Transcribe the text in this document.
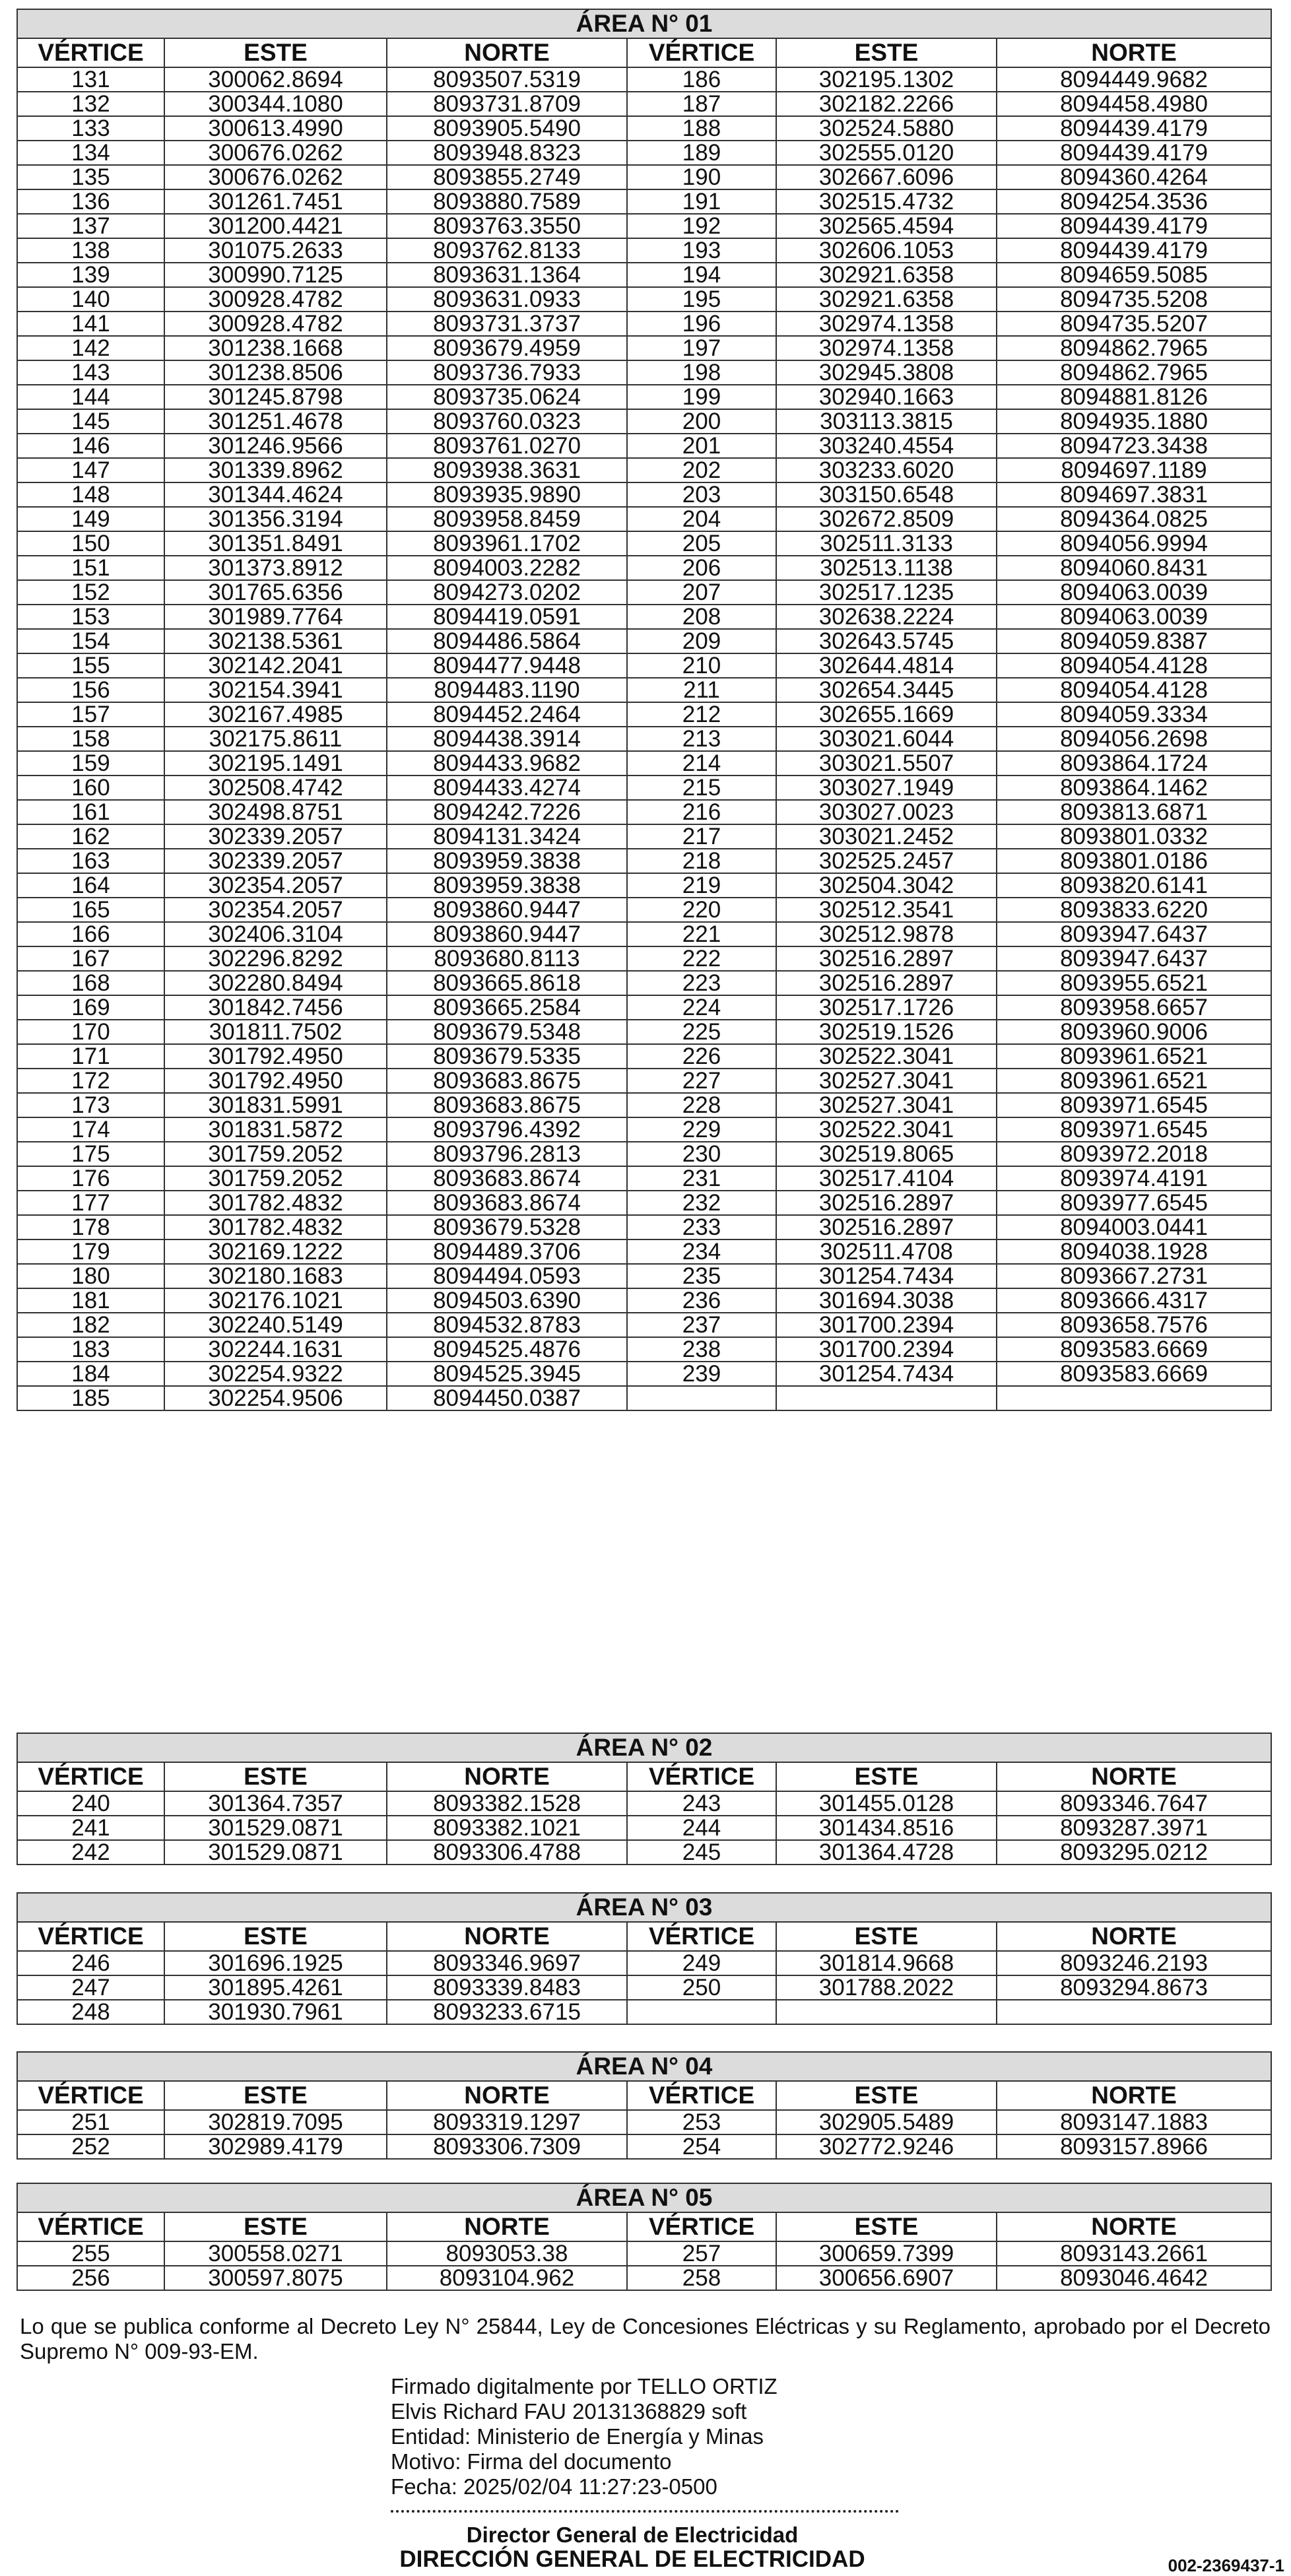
ÁREA N° 01					
VÉRTICE	ESTE	NORTE	VÉRTICE	ESTE	NORTE
131	300062.8694	8093507.5319	186	302195.1302	8094449.9682
132	300344.1080	8093731.8709	187	302182.2266	8094458.4980
133	300613.4990	8093905.5490	188	302524.5880	8094439.4179
134	300676.0262	8093948.8323	189	302555.0120	8094439.4179
135	300676.0262	8093855.2749	190	302667.6096	8094360.4264
136	301261.7451	8093880.7589	191	302515.4732	8094254.3536
137	301200.4421	8093763.3550	192	302565.4594	8094439.4179
138	301075.2633	8093762.8133	193	302606.1053	8094439.4179
139	300990.7125	8093631.1364	194	302921.6358	8094659.5085
140	300928.4782	8093631.0933	195	302921.6358	8094735.5208
141	300928.4782	8093731.3737	196	302974.1358	8094735.5207
142	301238.1668	8093679.4959	197	302974.1358	8094862.7965
143	301238.8506	8093736.7933	198	302945.3808	8094862.7965
144	301245.8798	8093735.0624	199	302940.1663	8094881.8126
145	301251.4678	8093760.0323	200	303113.3815	8094935.1880
146	301246.9566	8093761.0270	201	303240.4554	8094723.3438
147	301339.8962	8093938.3631	202	303233.6020	8094697.1189
148	301344.4624	8093935.9890	203	303150.6548	8094697.3831
149	301356.3194	8093958.8459	204	302672.8509	8094364.0825
150	301351.8491	8093961.1702	205	302511.3133	8094056.9994
151	301373.8912	8094003.2282	206	302513.1138	8094060.8431
152	301765.6356	8094273.0202	207	302517.1235	8094063.0039
153	301989.7764	8094419.0591	208	302638.2224	8094063.0039
154	302138.5361	8094486.5864	209	302643.5745	8094059.8387
155	302142.2041	8094477.9448	210	302644.4814	8094054.4128
156	302154.3941	8094483.1190	211	302654.3445	8094054.4128
157	302167.4985	8094452.2464	212	302655.1669	8094059.3334
158	302175.8611	8094438.3914	213	303021.6044	8094056.2698
159	302195.1491	8094433.9682	214	303021.5507	8093864.1724
160	302508.4742	8094433.4274	215	303027.1949	8093864.1462
161	302498.8751	8094242.7226	216	303027.0023	8093813.6871
162	302339.2057	8094131.3424	217	303021.2452	8093801.0332
163	302339.2057	8093959.3838	218	302525.2457	8093801.0186
164	302354.2057	8093959.3838	219	302504.3042	8093820.6141
165	302354.2057	8093860.9447	220	302512.3541	8093833.6220
166	302406.3104	8093860.9447	221	302512.9878	8093947.6437
167	302296.8292	8093680.8113	222	302516.2897	8093947.6437
168	302280.8494	8093665.8618	223	302516.2897	8093955.6521
169	301842.7456	8093665.2584	224	302517.1726	8093958.6657
170	301811.7502	8093679.5348	225	302519.1526	8093960.9006
171	301792.4950	8093679.5335	226	302522.3041	8093961.6521
172	301792.4950	8093683.8675	227	302527.3041	8093961.6521
173	301831.5991	8093683.8675	228	302527.3041	8093971.6545
174	301831.5872	8093796.4392	229	302522.3041	8093971.6545
175	301759.2052	8093796.2813	230	302519.8065	8093972.2018
176	301759.2052	8093683.8674	231	302517.4104	8093974.4191
177	301782.4832	8093683.8674	232	302516.2897	8093977.6545
178	301782.4832	8093679.5328	233	302516.2897	8094003.0441
179	302169.1222	8094489.3706	234	302511.4708	8094038.1928
180	302180.1683	8094494.0593	235	301254.7434	8093667.2731
181	302176.1021	8094503.6390	236	301694.3038	8093666.4317
182	302240.5149	8094532.8783	237	301700.2394	8093658.7576
183	302244.1631	8094525.4876	238	301700.2394	8093583.6669
184	302254.9322	8094525.3945	239	301254.7434	8093583.6669
185	302254.9506	8094450.0387			
ÁREA N° 02					
VÉRTICE	ESTE	NORTE	VÉRTICE	ESTE	NORTE
240	301364.7357	8093382.1528	243	301455.0128	8093346.7647
241	301529.0871	8093382.1021	244	301434.8516	8093287.3971
242	301529.0871	8093306.4788	245	301364.4728	8093295.0212
ÁREA N° 03					
VÉRTICE	ESTE	NORTE	VÉRTICE	ESTE	NORTE
246	301696.1925	8093346.9697	249	301814.9668	8093246.2193
247	301895.4261	8093339.8483	250	301788.2022	8093294.8673
248	301930.7961	8093233.6715			
ÁREA N° 04					
VÉRTICE	ESTE	NORTE	VÉRTICE	ESTE	NORTE
251	302819.7095	8093319.1297	253	302905.5489	8093147.1883
252	302989.4179	8093306.7309	254	302772.9246	8093157.8966
ÁREA N° 05					
VÉRTICE	ESTE	NORTE	VÉRTICE	ESTE	NORTE
255	300558.0271	8093053.38	257	300659.7399	8093143.2661
256	300597.8075	8093104.962	258	300656.6907	8093046.4642
Lo que se publica conforme al Decreto Ley N° 25844, Ley de Concesiones Eléctricas y su Reglamento, aprobado por el Decreto Supremo N° 009-93-EM.
Firmado digitalmente por TELLO ORTIZ
Elvis Richard FAU 20131368829 soft
Entidad: Ministerio de Energía y Minas
Motivo: Firma del documento
Fecha: 2025/02/04 11:27:23-0500
Director General de Electricidad
DIRECCIÓN GENERAL DE ELECTRICIDAD	002-2369437-1
